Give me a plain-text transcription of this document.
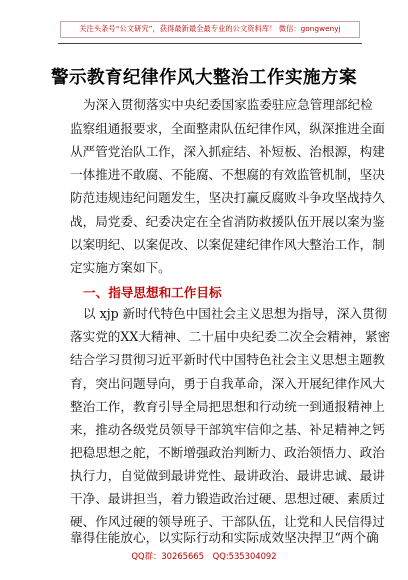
关注头条号“公文研究”，获得最新最全最专业的公文资料库！ 微信：gongwenyj
警示教育纪律作风大整治工作实施方案
为深入贯彻落实中央纪委国家监委驻应急管理部纪检
监察组通报要求，全面整肃队伍纪律作风，纵深推进全面
从严管党治队工作，深入抓症结、补短板、治根源，构建
一体推进不敢腐、不能腐、不想腐的有效监管机制，坚决
防范违规违纪问题发生，坚决打赢反腐败斗争攻坚战持久
战，局党委、纪委决定在全省消防救援队伍开展以案为鉴
以案明纪、以案促改、以案促建纪律作风大整治工作，制
定实施方案如下。
一、指导思想和工作目标
以 xjp 新时代特色中国社会主义思想为指导，深入贯彻
落实党的XX大精神、二十届中央纪委二次全会精神，紧密
结合学习贯彻习近平新时代中国特色社会主义思想主题教
育，突出问题导向，勇于自我革命，深入开展纪律作风大
整治工作，教育引导全局把思想和行动统一到通报精神上
来，推动各级党员领导干部筑牢信仰之基、补足精神之钙
把稳思想之舵，不断增强政治判断力、政治领悟力、政治
执行力，自觉做到最讲党性、最讲政治、最讲忠诚、最讲
干净、最讲担当，着力锻造政治过硬、思想过硬、素质过
硬、作风过硬的领导班子、干部队伍，让党和人民信得过
靠得住能放心，以实际行动和实际成效坚决捍卫“两个确
QQ群：30265665 QQ:535304092
